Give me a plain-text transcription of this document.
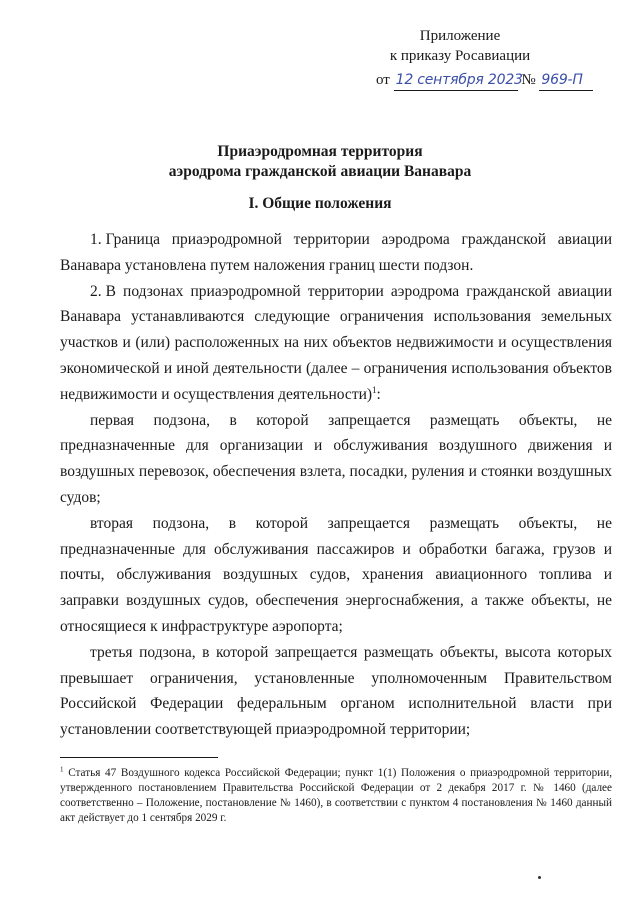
Приложение
к приказу Росавиации
от 12 сентября 2023 № 969-П
Приаэродромная территория
аэродрома гражданской авиации Ванавара
I. Общие положения

1. Граница приаэродромной территории аэродрома гражданской авиации Ванавара установлена путем наложения границ шести подзон.

2. В подзонах приаэродромной территории аэродрома гражданской авиации Ванавара устанавливаются следующие ограничения использования земельных участков и (или) расположенных на них объектов недвижимости и осуществления экономической и иной деятельности (далее – ограничения использования объектов недвижимости и осуществления деятельности)$^1$:

первая подзона, в которой запрещается размещать объекты, не предназначенные для организации и обслуживания воздушного движения и воздушных перевозок, обеспечения взлета, посадки, руления и стоянки воздушных судов;

вторая подзона, в которой запрещается размещать объекты, не предназначенные для обслуживания пассажиров и обработки багажа, грузов и почты, обслуживания воздушных судов, хранения авиационного топлива и заправки воздушных судов, обеспечения энергоснабжения, а также объекты, не относящиеся к инфраструктуре аэропорта;

третья подзона, в которой запрещается размещать объекты, высота которых превышает ограничения, установленные уполномоченным Правительством Российской Федерации федеральным органом исполнительной власти при установлении соответствующей приаэродромной территории;

$^1$ Статья 47 Воздушного кодекса Российской Федерации; пункт 1(1) Положения о приаэродромной территории, утвержденного постановлением Правительства Российской Федерации от 2 декабря 2017 г. № 1460 (далее соответственно – Положение, постановление № 1460), в соответствии с пунктом 4 постановления № 1460 данный акт действует до 1 сентября 2029 г.
